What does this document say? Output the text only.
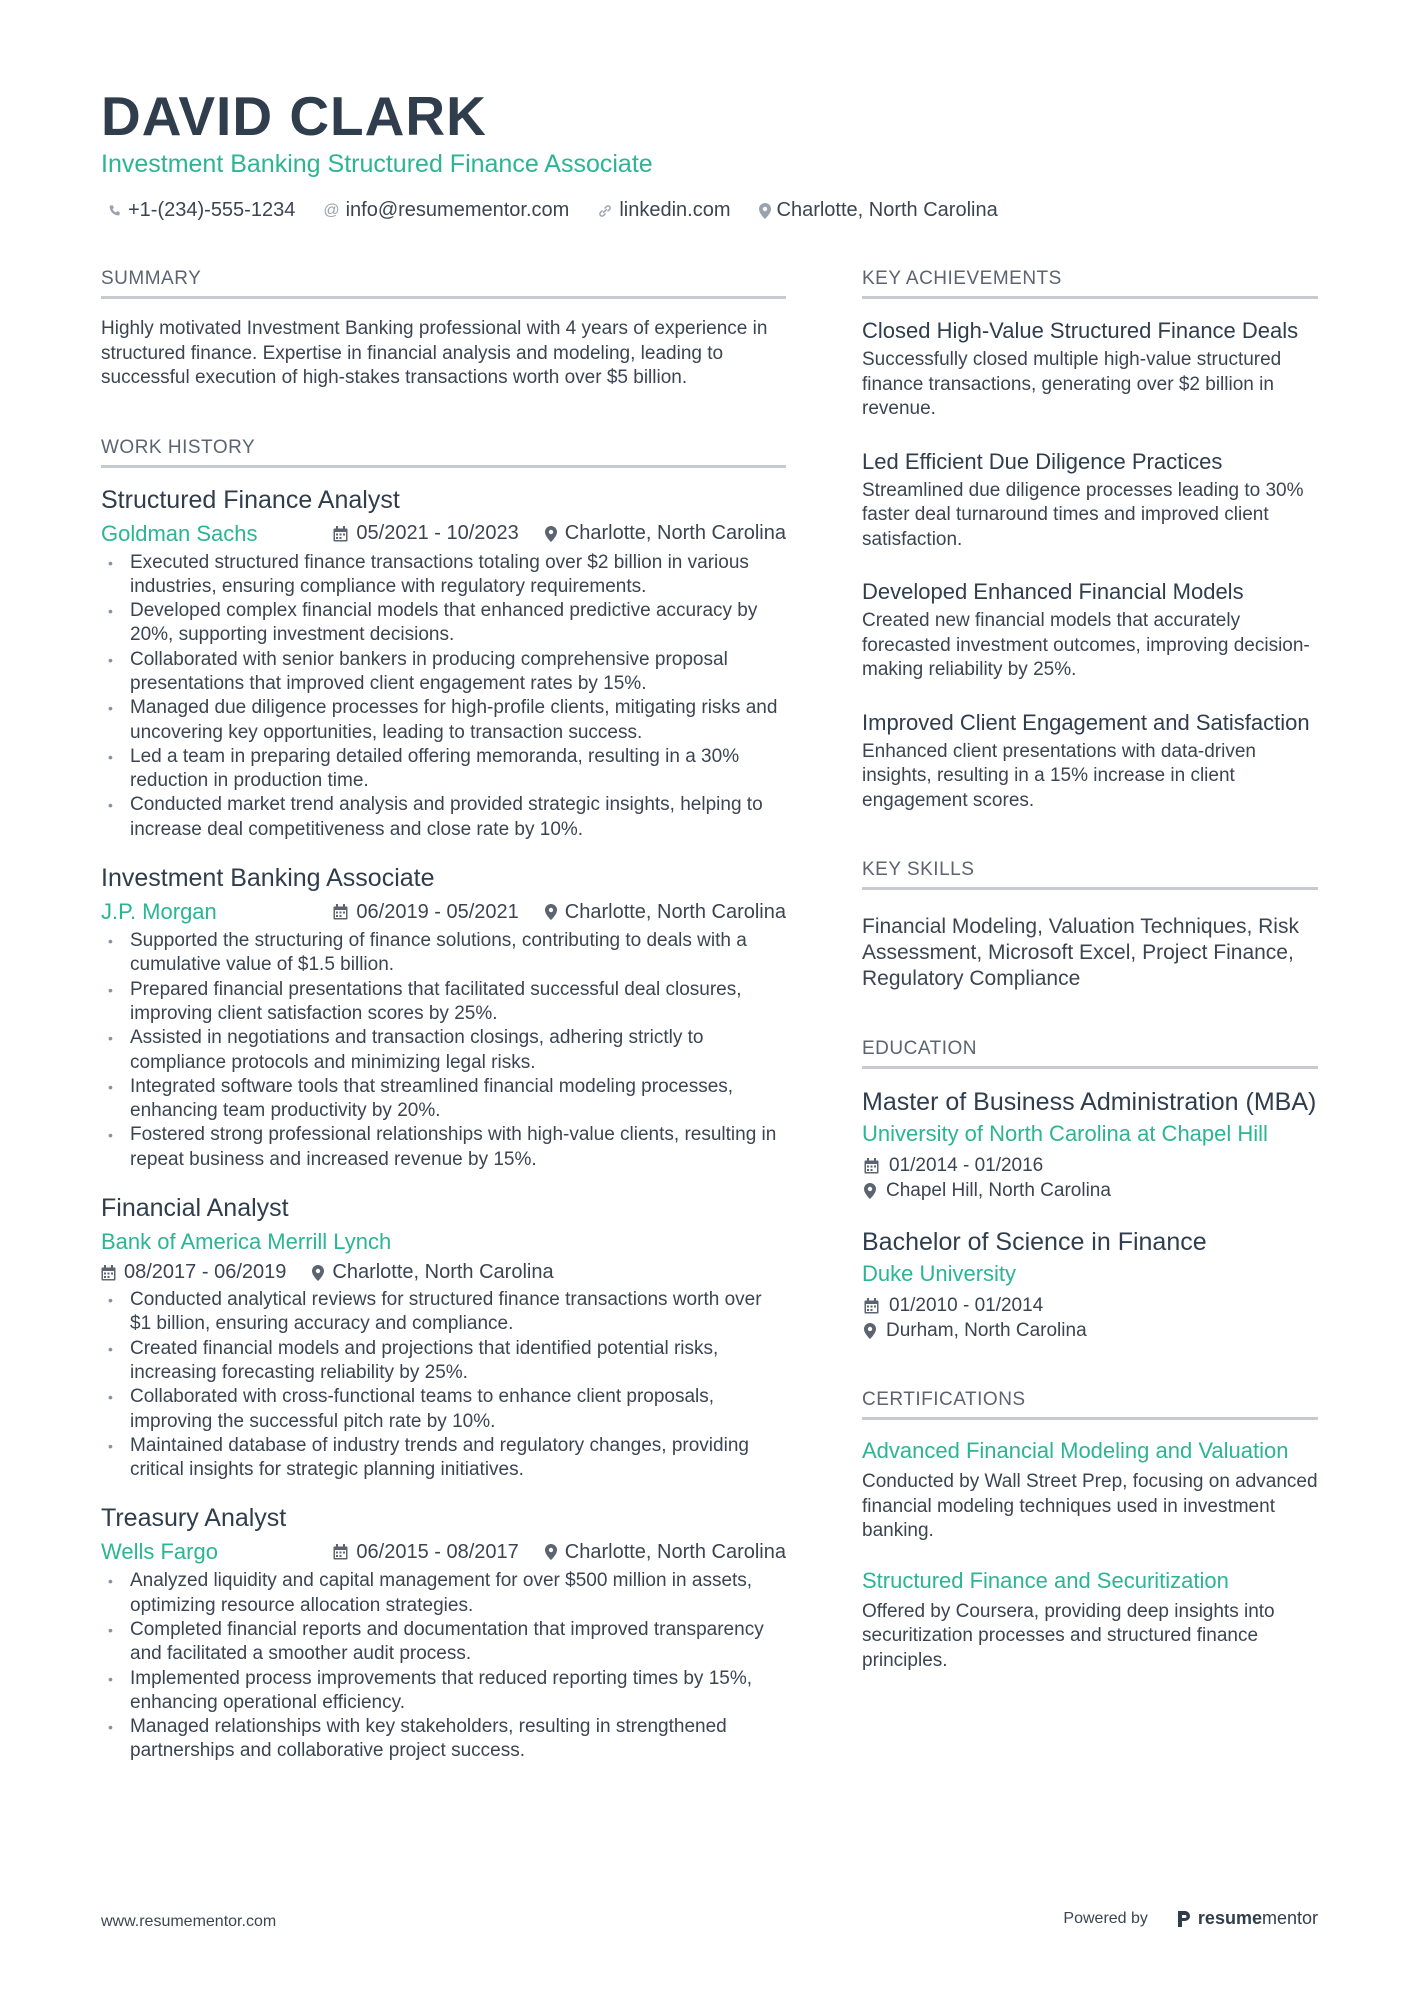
DAVID CLARK
Investment Banking Structured Finance Associate
+1-(234)-555-1234 @ info@resumementor.com	linkedin.com Charlotte, North Carolina
SUMMARY
Highly motivated Investment Banking professional with 4 years of experience in structured finance. Expertise in financial analysis and modeling, leading to successful execution of high-stakes transactions worth over $5 billion.
WORK HISTORY
Structured Finance Analyst
Goldman Sachs	05/2021 - 10/2023 Charlotte, North Carolina
• Executed structured finance transactions totaling over $2 billion in various industries, ensuring compliance with regulatory requirements.
• Developed complex financial models that enhanced predictive accuracy by 20%, supporting investment decisions.
• Collaborated with senior bankers in producing comprehensive proposal presentations that improved client engagement rates by 15%.
• Managed due diligence processes for high-profile clients, mitigating risks and uncovering key opportunities, leading to transaction success.
• Led a team in preparing detailed offering memoranda, resulting in a 30% reduction in production time.
• Conducted market trend analysis and provided strategic insights, helping to increase deal competitiveness and close rate by 10%.
Investment Banking Associate
J.P. Morgan	06/2019 - 05/2021 Charlotte, North Carolina
• Supported the structuring of finance solutions, contributing to deals with a cumulative value of $1.5 billion.
• Prepared financial presentations that facilitated successful deal closures, improving client satisfaction scores by 25%.
• Assisted in negotiations and transaction closings, adhering strictly to compliance protocols and minimizing legal risks.
• Integrated software tools that streamlined financial modeling processes, enhancing team productivity by 20%.
• Fostered strong professional relationships with high-value clients, resulting in repeat business and increased revenue by 15%.
Financial Analyst
Bank of America Merrill Lynch
08/2017 - 06/2019 Charlotte, North Carolina
• Conducted analytical reviews for structured finance transactions worth over $1 billion, ensuring accuracy and compliance.
• Created financial models and projections that identified potential risks, increasing forecasting reliability by 25%.
• Collaborated with cross-functional teams to enhance client proposals, improving the successful pitch rate by 10%.
• Maintained database of industry trends and regulatory changes, providing critical insights for strategic planning initiatives.
Treasury Analyst
Wells Fargo	06/2015 - 08/2017 Charlotte, North Carolina
• Analyzed liquidity and capital management for over $500 million in assets, optimizing resource allocation strategies.
• Completed financial reports and documentation that improved transparency and facilitated a smoother audit process.
• Implemented process improvements that reduced reporting times by 15%, enhancing operational efficiency.
• Managed relationships with key stakeholders, resulting in strengthened partnerships and collaborative project success.
KEY ACHIEVEMENTS
Closed High-Value Structured Finance Deals
Successfully closed multiple high-value structured finance transactions, generating over $2 billion in revenue.
Led Efficient Due Diligence Practices
Streamlined due diligence processes leading to 30% faster deal turnaround times and improved client satisfaction.
Developed Enhanced Financial Models
Created new financial models that accurately forecasted investment outcomes, improving decision-making reliability by 25%.
Improved Client Engagement and Satisfaction
Enhanced client presentations with data-driven insights, resulting in a 15% increase in client engagement scores.
KEY SKILLS
Financial Modeling, Valuation Techniques, Risk Assessment, Microsoft Excel, Project Finance, Regulatory Compliance
EDUCATION
Master of Business Administration (MBA)
University of North Carolina at Chapel Hill
01/2014 - 01/2016
Chapel Hill, North Carolina
Bachelor of Science in Finance
Duke University
01/2010 - 01/2014
Durham, North Carolina
CERTIFICATIONS
Advanced Financial Modeling and Valuation
Conducted by Wall Street Prep, focusing on advanced financial modeling techniques used in investment banking.
Structured Finance and Securitization
Offered by Coursera, providing deep insights into securitization processes and structured finance principles.
www.resumementor.com	Powered by	resume mentor
